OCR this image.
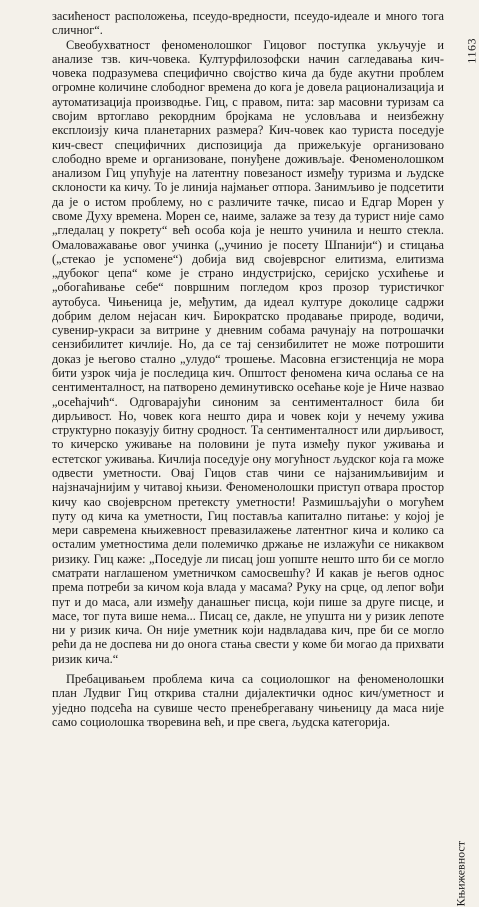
1163

засићеност расположења, псеудо-вредности, псеудо-идеале и много тога сличног“.

Свеобухватност феноменолошког Гицовог поступка укључује и анализе тзв. кич-човека. Културфилозофски начин сагледавања кич-човека подразумева специфично својство кича да буде акутни проблем огромне количине слободног времена до кога је довела рационализација и аутоматизација производње. Гиц, с правом, пита: зар масовни туризам са својим вртоглаво рекордним бројкама не условљава и неизбежну експлоизју кича планетарних размера? Кич-човек као туриста поседује кич-свест специфичних диспозиција да прижељкује организовано слободно време и организоване, понуђене доживљаје. Феноменолошком анализом Гиц упућује на латентну повезаност између туризма и људске склоности ка кичу. То је линија најмањег отпора. Занимљиво је подсетити да је о истом проблему, но с различите тачке, писао и Едгар Морен у своме Духу времена. Морен се, наиме, залаже за тезу да турист није само „гледалац у покрету“ већ особа која је нешто учинила и нешто стекла. Омаловажавање овог учинка („учинио је посету Шпанији“) и стицања („стекао је успомене“) добија вид својеврсног елитизма, елитизма „дубоког цепа“ коме је страно индустријско, серијско усхићење и „обогаћивање себе“ површним погледом кроз прозор туристичког аутобуса. Чињеница је, међутим, да идеал културе доколице садржи добрим делом нејасан кич. Бирократско продавање природе, водичи, сувенир-украси за витрине у дневним собама рачунају на потрошачки сензибилитет кичлије. Но, да се тај сензибилитет не може потрошити доказ је његово стално „улудо“ трошење. Масовна егзистенција не мора бити узрок чија је последица кич. Општост феномена кича ослања се на сентименталност, на патворено деминутивско осећање које је Ниче назвао „осећајчић“. Одговарајући синоним за сентименталност била би дирљивост. Но, човек кога нешто дира и човек који у нечему ужива структурно показују битну сродност. Та сентименталност или дирљивост, то кичерско уживање на половини је пута између пуког уживања и естетског уживања. Кичлија поседује ону могућност људског која га може одвести уметности. Овај Гицов став чини се најзанимљивијим и најзначајнијим у читавој књизи. Феноменолошки приступ отвара простор кичу као својеврсном претексту уметности! Размишљајући о могућем путу од кича ка уметности, Гиц поставља капитално питање: у којој је мери савремена књижевност превазилажење латентног кича и колико са осталим уметностима дели полемичко држање не излажући се никаквом ризику. Гиц каже: „Поседује ли писац још уопште нешто што би се могло сматрати наглашеном уметничком самосвешћу? И какав је његов однос према потреби за кичом која влада у масама? Руку на срце, од лепог вођи пут и до маса, али између данашњег писца, који пише за друге писце, и масе, тог пута више нема... Писац се, дакле, не упушта ни у ризик лепоте ни у ризик кича. Он није уметник који надвладава кич, пре би се могло рећи да не доспева ни до онога стања свести у коме би могао да прихвати ризик кича.“

Пребацивањем проблема кича са социолошког на феноменолошки план Лудвиг Гиц открива стални дијалектички однос кич/уметност и уједно подсећа на сувише често пренебрегавану чињеницу да маса није само социолошка творевина већ, и пре свега, људска категорија.

Књижевност
